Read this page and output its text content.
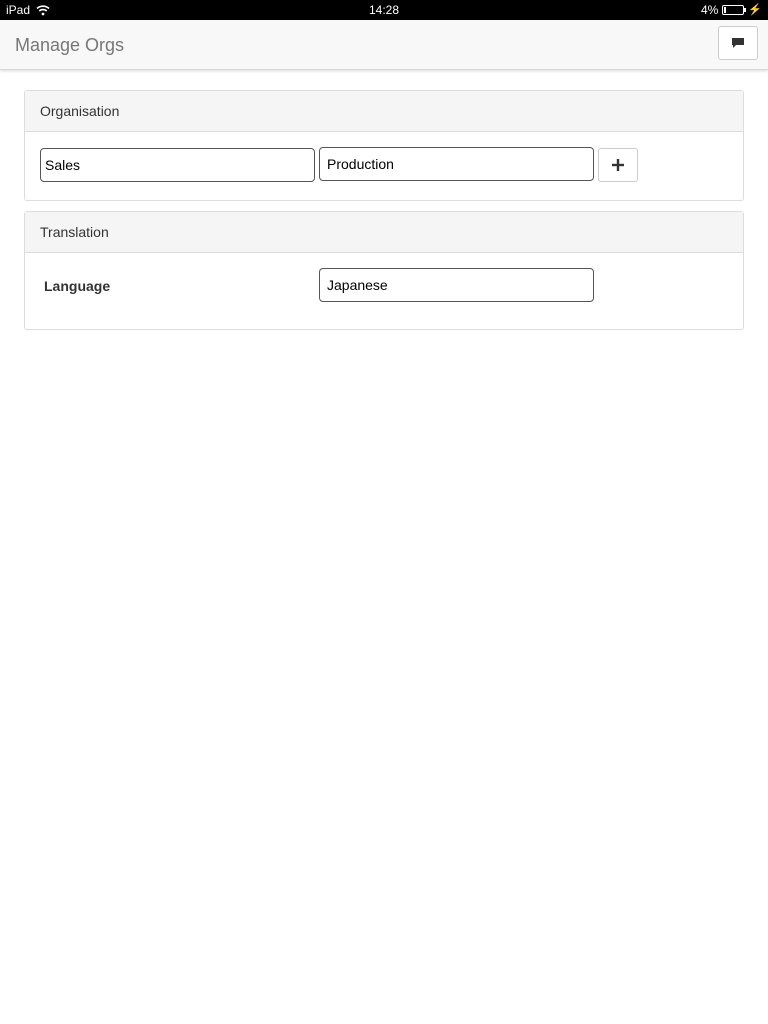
iPad	14:28	4%	⚡
Manage Orgs
Organisation
Sales
Production
Translation
Language
Japanese
